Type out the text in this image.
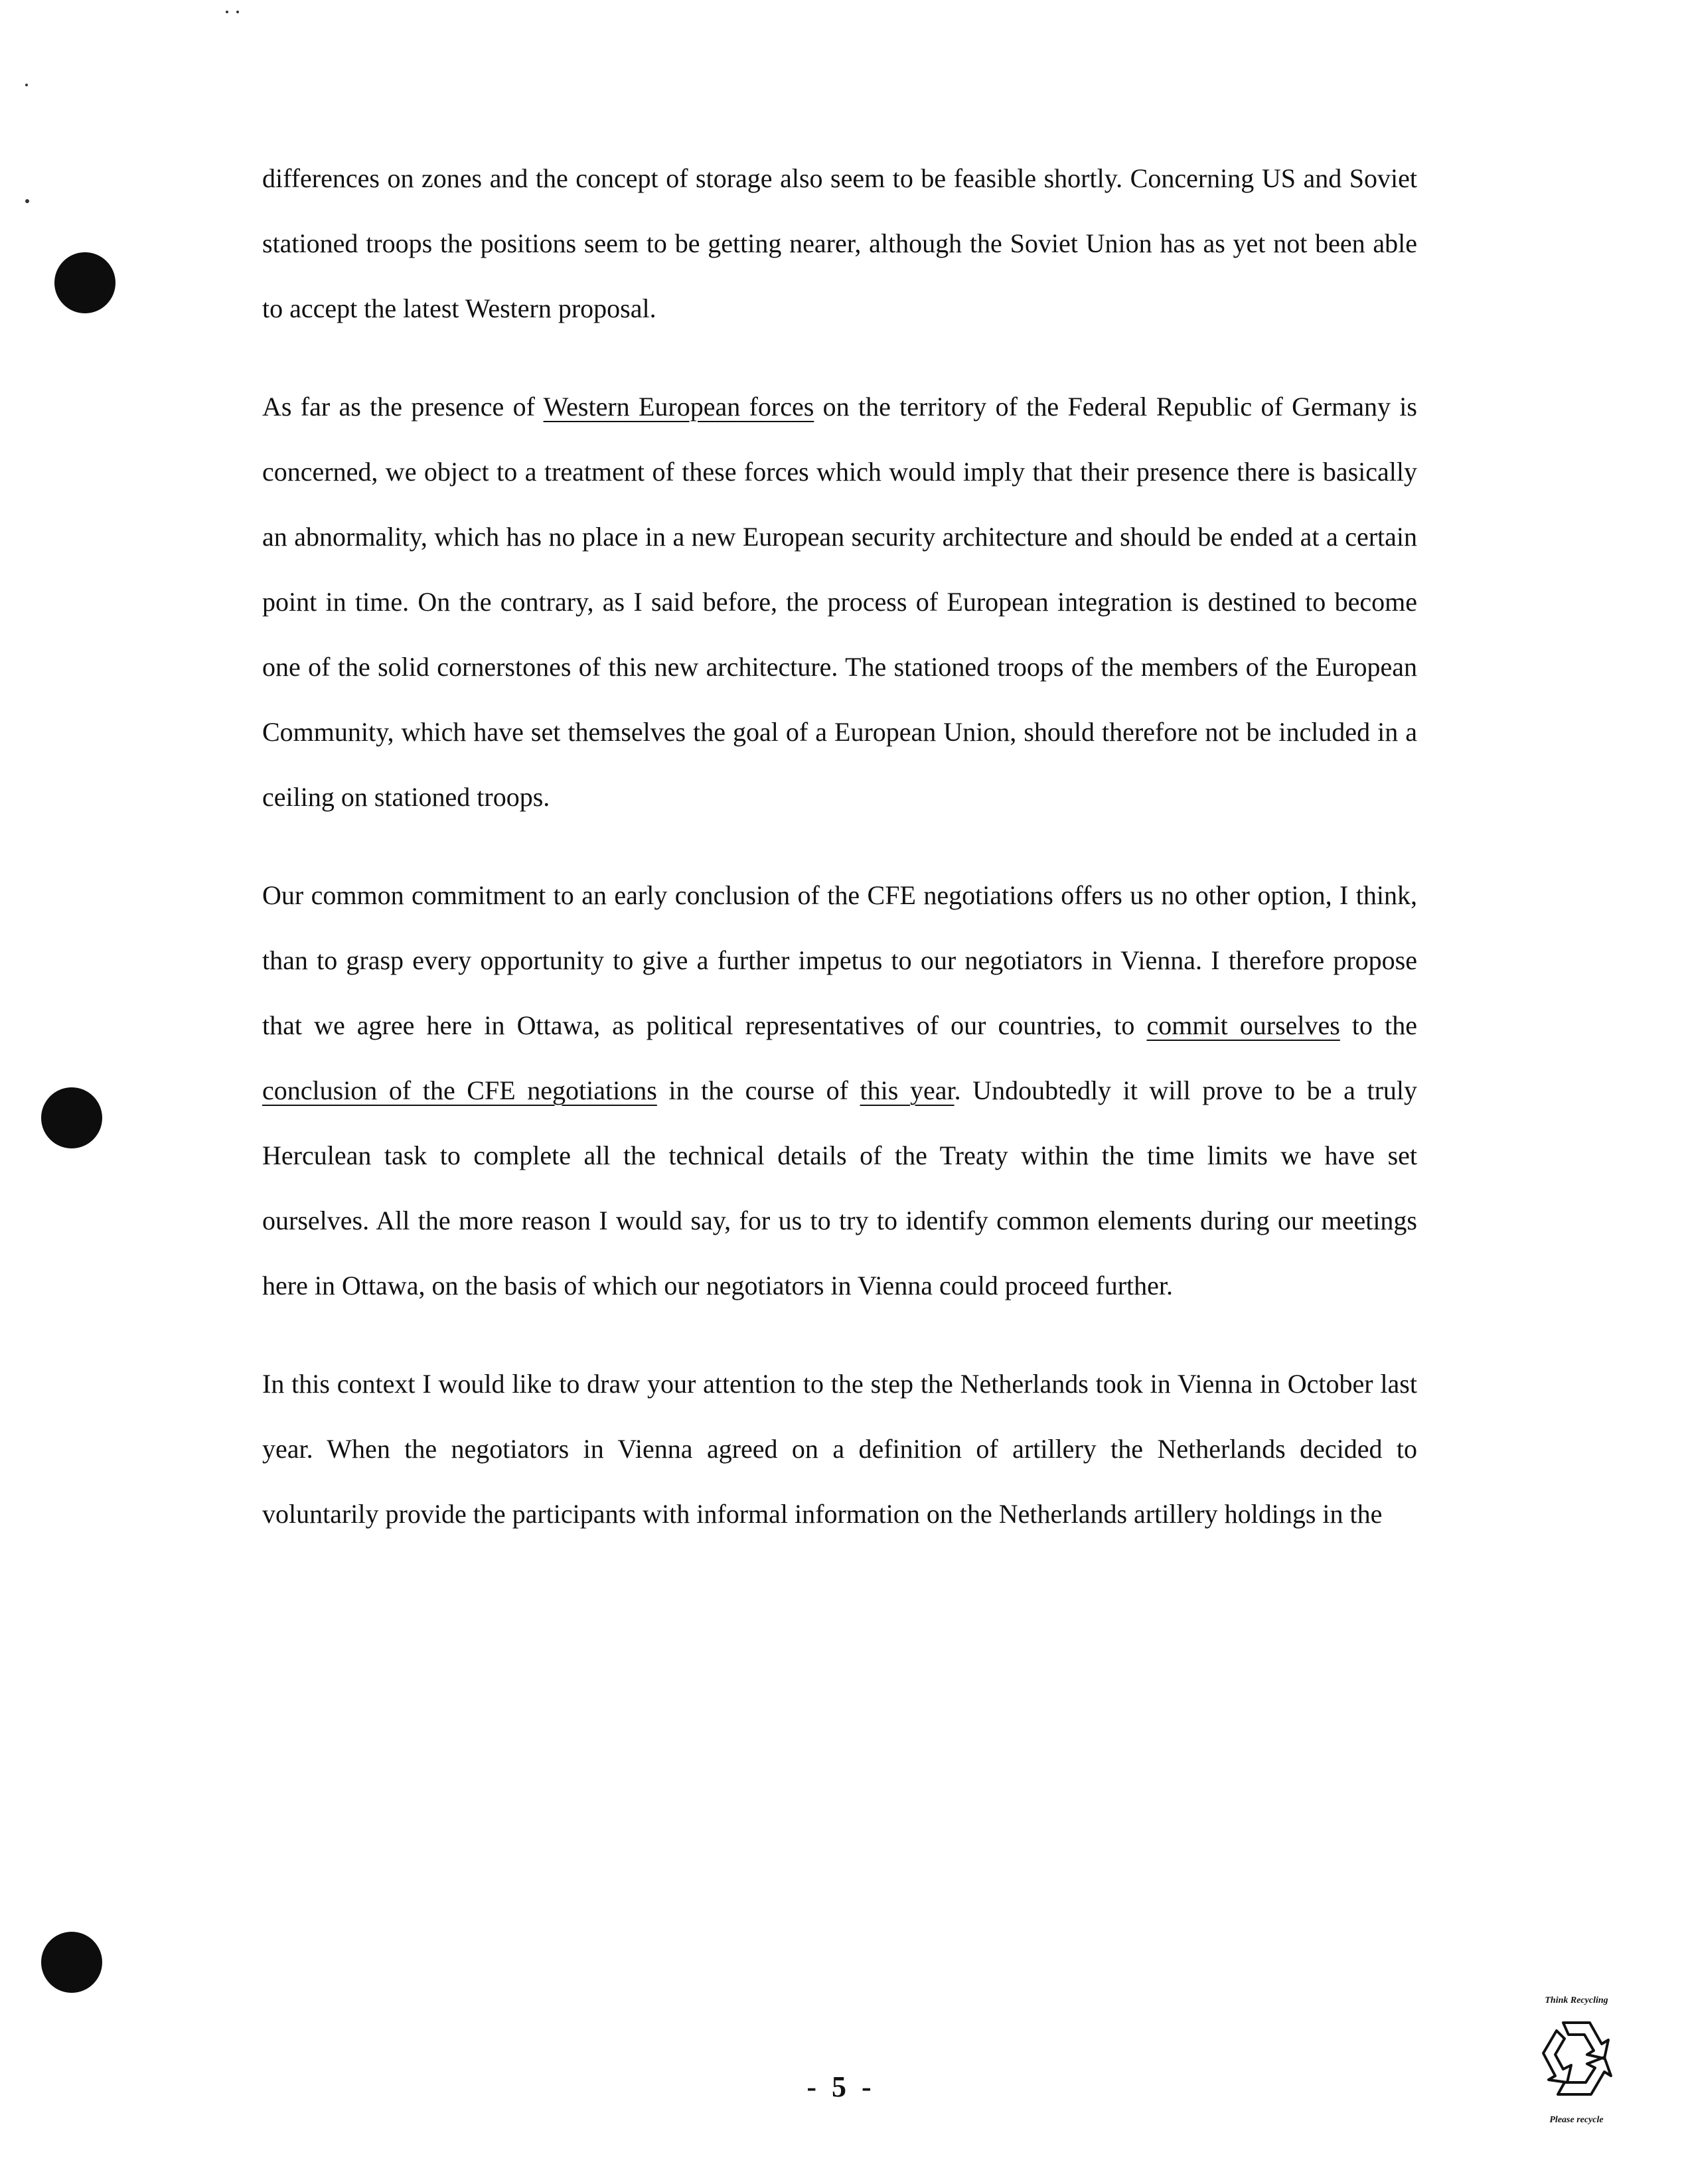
differences on zones and the concept of storage also seem to be feasible shortly. Concerning US and Soviet stationed troops the positions seem to be getting nearer, although the Soviet Union has as yet not been able to accept the latest Western proposal.

As far as the presence of Western European forces on the territory of the Federal Republic of Germany is concerned, we object to a treatment of these forces which would imply that their presence there is basically an abnormality, which has no place in a new European security architecture and should be ended at a certain point in time. On the contrary, as I said before, the process of European integration is destined to become one of the solid cornerstones of this new architecture. The stationed troops of the members of the European Community, which have set themselves the goal of a European Union, should therefore not be included in a ceiling on stationed troops.

Our common commitment to an early conclusion of the CFE negotiations offers us no other option, I think, than to grasp every opportunity to give a further impetus to our negotiators in Vienna. I therefore propose that we agree here in Ottawa, as political representatives of our countries, to commit ourselves to the conclusion of the CFE negotiations in the course of this year. Undoubtedly it will prove to be a truly Herculean task to complete all the technical details of the Treaty within the time limits we have set ourselves. All the more reason I would say, for us to try to identify common elements during our meetings here in Ottawa, on the basis of which our negotiators in Vienna could proceed further.

In this context I would like to draw your attention to the step the Netherlands took in Vienna in October last year. When the negotiators in Vienna agreed on a definition of artillery the Netherlands decided to voluntarily provide the participants with informal information on the Netherlands artillery holdings in the

- 5 -
Think Recycling
Please recycle
